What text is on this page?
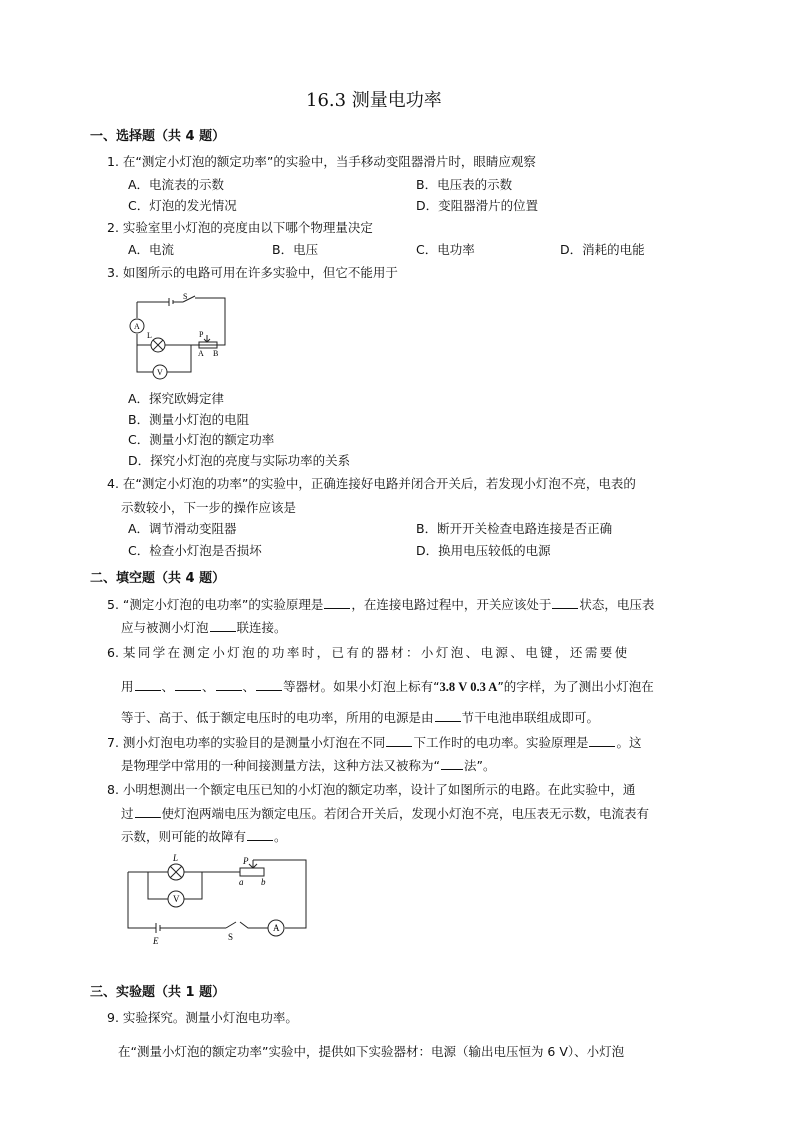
16.3 测量电功率
一、选择题（共 4 题）
1. 在“测定小灯泡的额定功率”的实验中，当手移动变阻器滑片时，眼睛应观察
A．电流表的示数	B．电压表的示数
C．灯泡的发光情况	D．变阻器滑片的位置
2. 实验室里小灯泡的亮度由以下哪个物理量决定
A．电流	B．电压	C．电功率	D．消耗的电能
3. 如图所示的电路可用在许多实验中，但它不能用于
S
A
L	P
A B
V
A．探究欧姆定律
B．测量小灯泡的电阻
C．测量小灯泡的额定功率
D．探究小灯泡的亮度与实际功率的关系
4. 在“测定小灯泡的功率”的实验中，正确连接好电路并闭合开关后，若发现小灯泡不亮，电表的
示数较小，下一步的操作应该是
A．调节滑动变阻器	B．断开开关检查电路连接是否正确
C．检查小灯泡是否损坏	D．换用电压较低的电源
二、填空题（共 4 题）
5. “测定小灯泡的电功率”的实验原理是 ，在连接电路过程中，开关应该处于 状态，电压表
应与被测小灯泡 联连接。
6. 某同学在测定小灯泡的功率时，已有的器材：小灯泡、电源、电键，还需要使
用 、 、 、 等器材。如果小灯泡上标有“3.8 V 0.3 A”的字样，为了测出小灯泡在
等于、高于、低于额定电压时的电功率，所用的电源是由 节干电池串联组成即可。
7. 测小灯泡电功率的实验目的是测量小灯泡在不同 下工作时的电功率。实验原理是 。这
是物理学中常用的一种间接测量方法，这种方法又被称为“ 法”。
8. 小明想测出一个额定电压已知的小灯泡的额定功率，设计了如图所示的电路。在此实验中，通
过 使灯泡两端电压为额定电压。若闭合开关后，发现小灯泡不亮，电压表无示数，电流表有
示数，则可能的故障有 。
L	P
a b
V
E	S
A
三、实验题（共 1 题）
9. 实验探究。测量小灯泡电功率。
在“测量小灯泡的额定功率”实验中，提供如下实验器材：电源（输出电压恒为 6 V）、小灯泡
